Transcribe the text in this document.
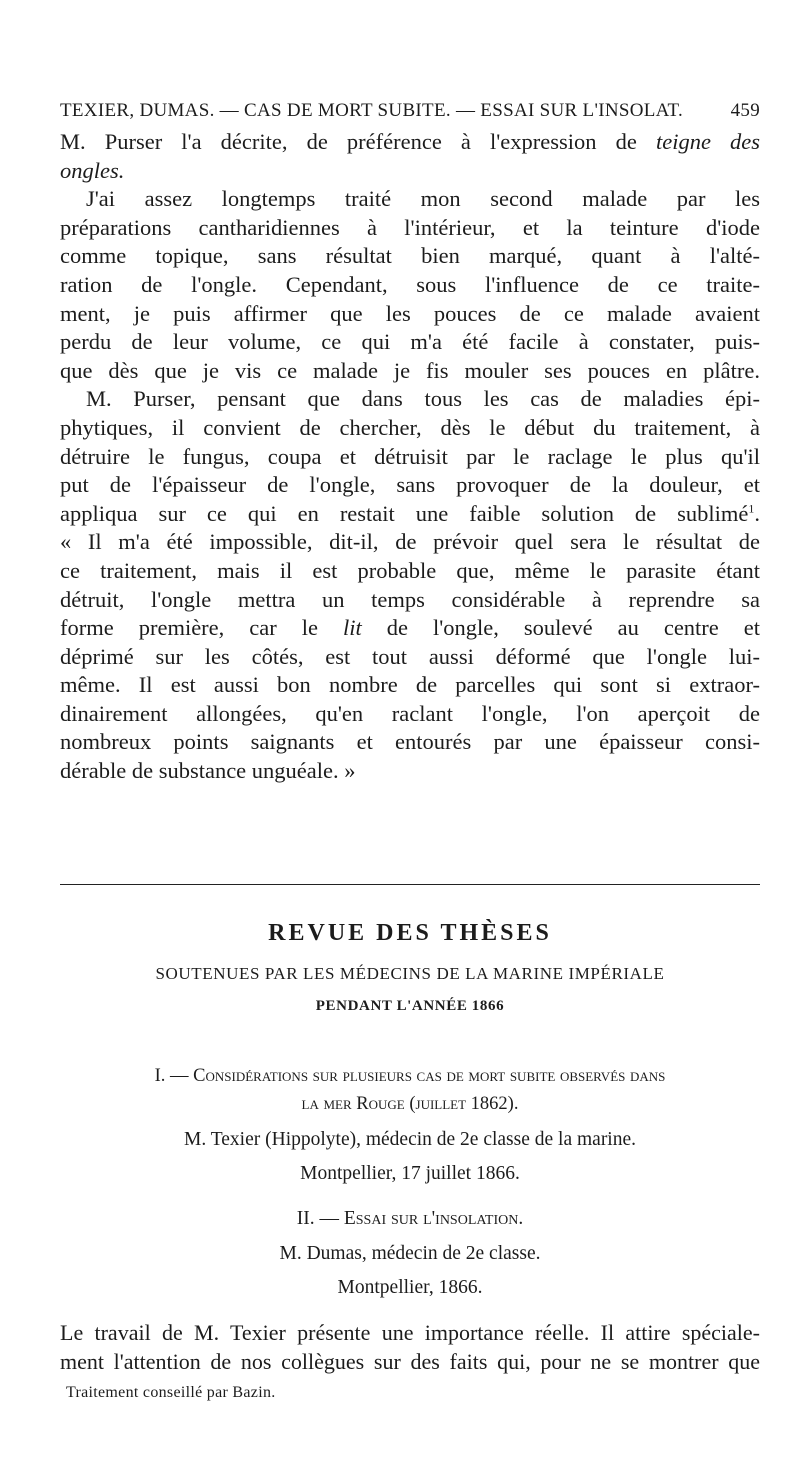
TEXIER, DUMAS. — CAS DE MORT SUBITE. — ESSAI SUR L'INSOLAT.	459
M. Purser l'a décrite, de préférence à l'expression de teigne des
ongles.
J'ai assez longtemps traité mon second malade par les
préparations cantharidiennes à l'intérieur, et la teinture d'iode
comme topique, sans résultat bien marqué, quant à l'alté-
ration de l'ongle. Cependant, sous l'influence de ce traite-
ment, je puis affirmer que les pouces de ce malade avaient
perdu de leur volume, ce qui m'a été facile à constater, puis-
que dès que je vis ce malade je fis mouler ses pouces en plâtre.
M. Purser, pensant que dans tous les cas de maladies épi-
phytiques, il convient de chercher, dès le début du traitement, à
détruire le fungus, coupa et détruisit par le raclage le plus qu'il
put de l'épaisseur de l'ongle, sans provoquer de la douleur, et
appliqua sur ce qui en restait une faible solution de sublimé$^1$.
« Il m'a été impossible, dit-il, de prévoir quel sera le résultat de
ce traitement, mais il est probable que, même le parasite étant
détruit, l'ongle mettra un temps considérable à reprendre sa
forme première, car le lit de l'ongle, soulevé au centre et
déprimé sur les côtés, est tout aussi déformé que l'ongle lui-
même. Il est aussi bon nombre de parcelles qui sont si extraor-
dinairement allongées, qu'en raclant l'ongle, l'on aperçoit de
nombreux points saignants et entourés par une épaisseur consi-
dérable de substance unguéale. »
REVUE DES THÈSES
SOUTENUES PAR LES MÉDECINS DE LA MARINE IMPÉRIALE
PENDANT L'ANNÉE 1866
I. — Considérations sur plusieurs cas de mort subite observés dans
la mer Rouge (juillet 1862).
M. Texier (Hippolyte), médecin de 2e classe de la marine.
Montpellier, 17 juillet 1866.
II. — Essai sur l'insolation.
M. Dumas, médecin de 2e classe.
Montpellier, 1866.
Le travail de M. Texier présente une importance réelle. Il attire spéciale-
ment l'attention de nos collègues sur des faits qui, pour ne se montrer que
Traitement conseillé par Bazin.
